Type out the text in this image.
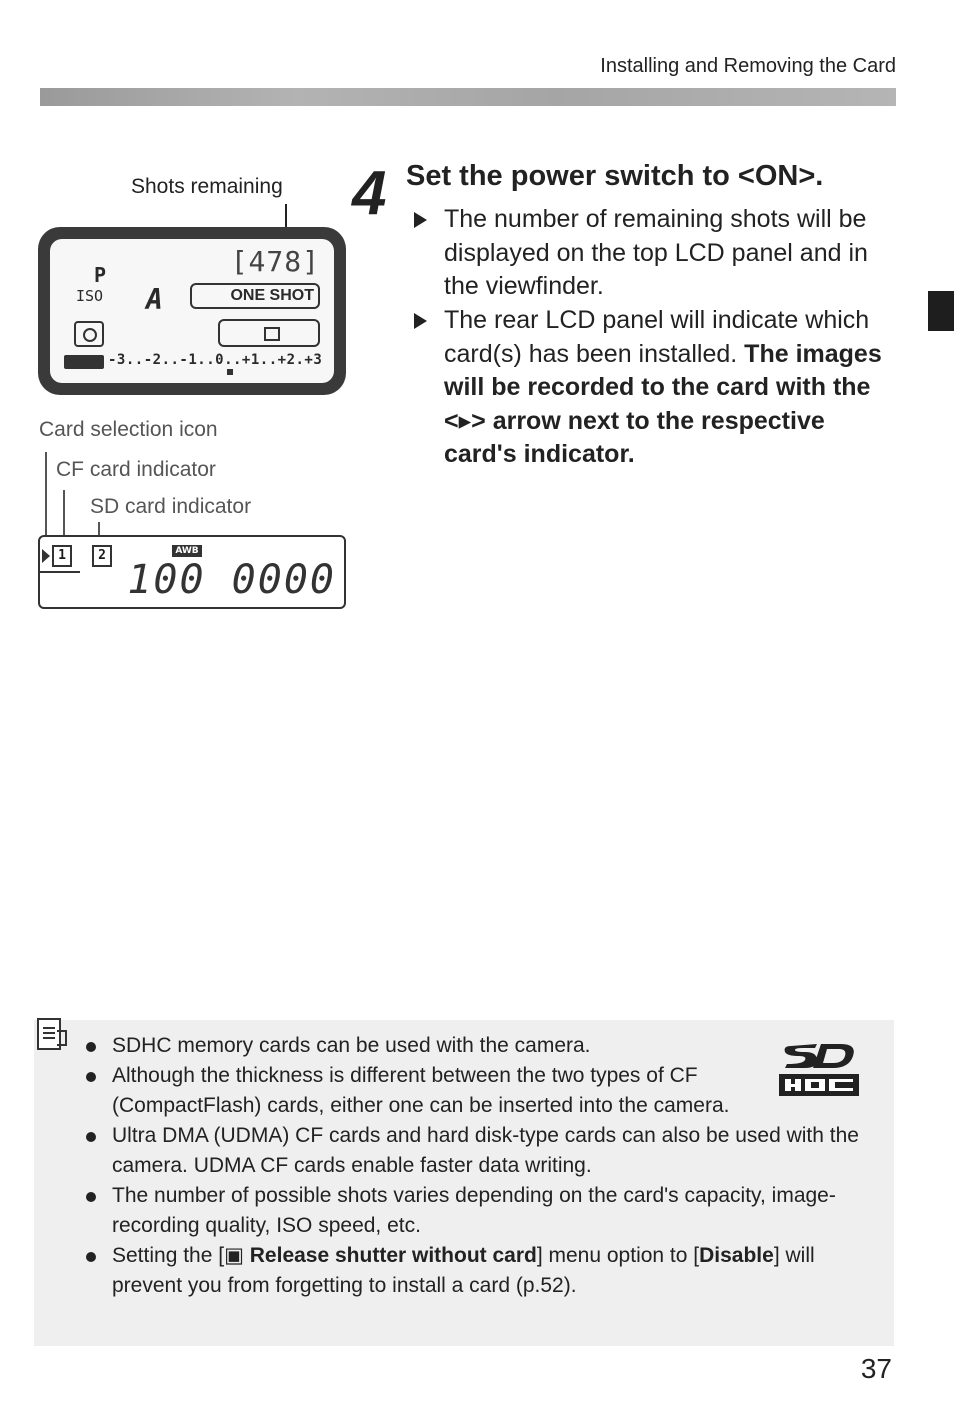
Installing and Removing the Card
Shots remaining
[478]
P
ISO A	ONE SHOT
-3..-2..-1..0..+1..+2.+3
Card selection icon
CF card indicator
SD card indicator
1	2	AWB
100 0000
4 Set the power switch to <ON>.
The number of remaining shots will be displayed on the top LCD panel and in the viewfinder.
The rear LCD panel will indicate which card(s) has been installed. The images will be recorded to the card with the <▸> arrow next to the respective card's indicator.
SDHC memory cards can be used with the camera.
Although the thickness is different between the two types of CF (CompactFlash) cards, either one can be inserted into the camera.
Ultra DMA (UDMA) CF cards and hard disk-type cards can also be used with the camera. UDMA CF cards enable faster data writing.
The number of possible shots varies depending on the card's capacity, image-recording quality, ISO speed, etc.
Setting the [▣ Release shutter without card] menu option to [Disable] will prevent you from forgetting to install a card (p.52).
37
